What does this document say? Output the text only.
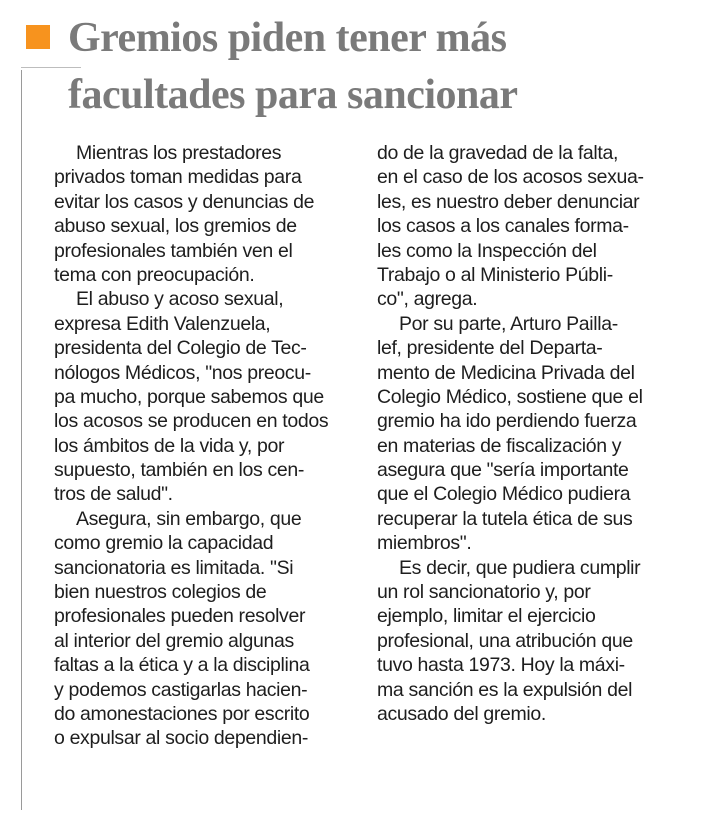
Gremios piden tener más
facultades para sancionar
Mientras los prestadores
privados toman medidas para
evitar los casos y denuncias de
abuso sexual, los gremios de
profesionales también ven el
tema con preocupación.
El abuso y acoso sexual,
expresa Edith Valenzuela,
presidenta del Colegio de Tec-
nólogos Médicos, "nos preocu-
pa mucho, porque sabemos que
los acosos se producen en todos
los ámbitos de la vida y, por
supuesto, también en los cen-
tros de salud".
Asegura, sin embargo, que
como gremio la capacidad
sancionatoria es limitada. "Si
bien nuestros colegios de
profesionales pueden resolver
al interior del gremio algunas
faltas a la ética y a la disciplina
y podemos castigarlas hacien-
do amonestaciones por escrito
o expulsar al socio dependien-
do de la gravedad de la falta,
en el caso de los acosos sexua-
les, es nuestro deber denunciar
los casos a los canales forma-
les como la Inspección del
Trabajo o al Ministerio Públi-
co", agrega.
Por su parte, Arturo Pailla-
lef, presidente del Departa-
mento de Medicina Privada del
Colegio Médico, sostiene que el
gremio ha ido perdiendo fuerza
en materias de fiscalización y
asegura que "sería importante
que el Colegio Médico pudiera
recuperar la tutela ética de sus
miembros".
Es decir, que pudiera cumplir
un rol sancionatorio y, por
ejemplo, limitar el ejercicio
profesional, una atribución que
tuvo hasta 1973. Hoy la máxi-
ma sanción es la expulsión del
acusado del gremio.
